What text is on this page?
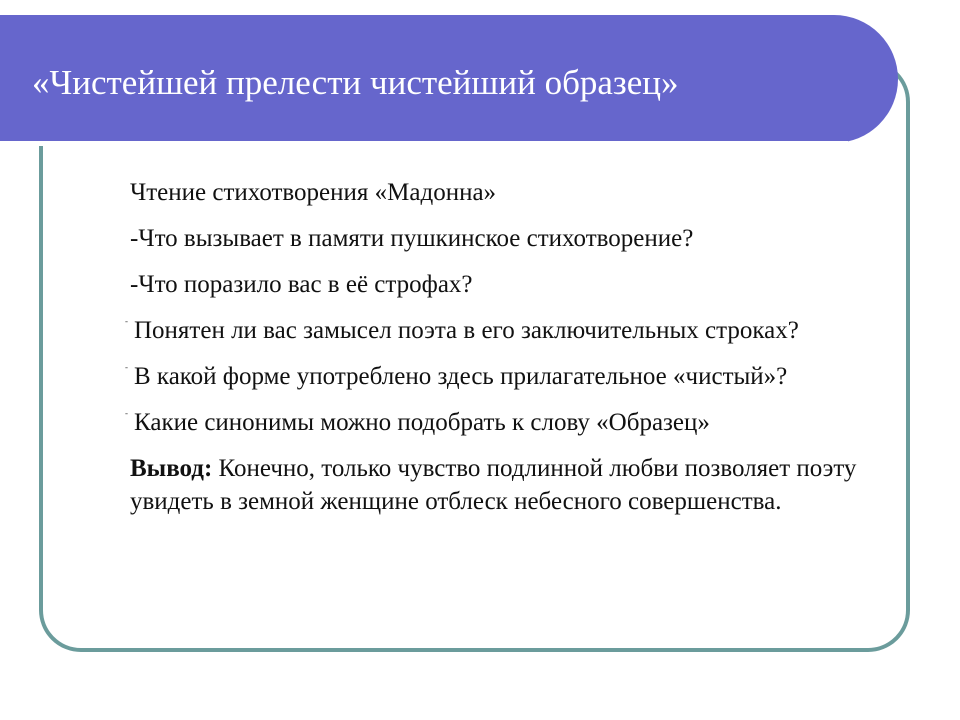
«Чистейшей прелести чистейший образец»

Чтение стихотворения «Мадонна»

-Что вызывает в памяти пушкинское стихотворение?

-Что поразило вас в её строфах?

- Понятен ли вас замысел поэта в его заключительных строках?

- В какой форме употреблено здесь прилагательное «чистый»?

- Какие синонимы можно подобрать к слову «Образец»

Вывод: Конечно, только чувство подлинной любви позволяет поэту увидеть в земной женщине отблеск небесного совершенства.
